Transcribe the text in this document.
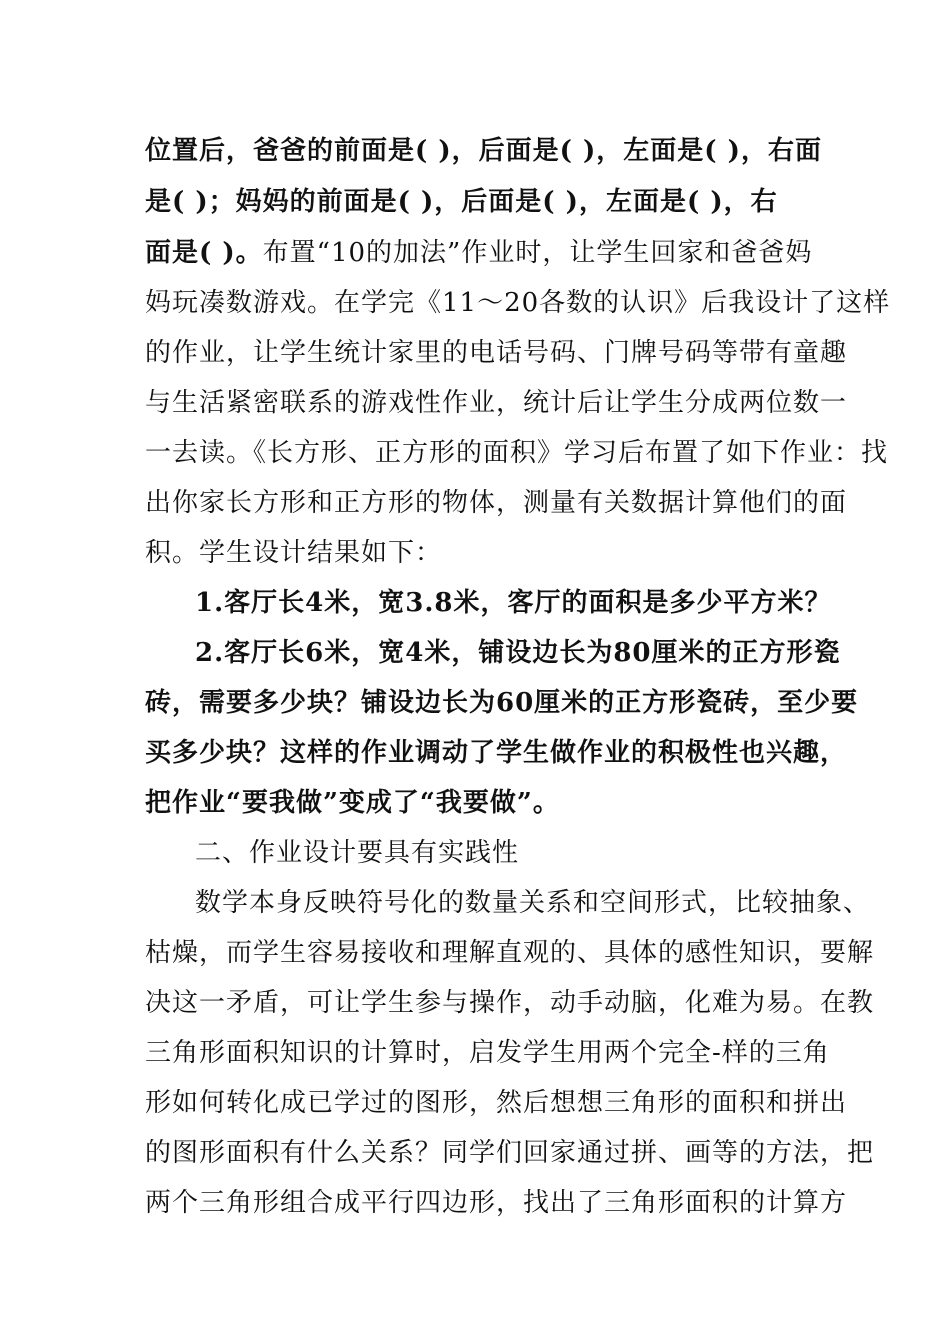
位置后，爸爸的前面是( )，后面是( )，左面是( )，右面
是( )；妈妈的前面是( )，后面是( )，左面是( )，右
面是( )。布置“10的加法”作业时，让学生回家和爸爸妈
妈玩凑数游戏。在学完《11～20各数的认识》后我设计了这样
的作业，让学生统计家里的电话号码、门牌号码等带有童趣
与生活紧密联系的游戏性作业，统计后让学生分成两位数一
一去读。《长方形、正方形的面积》学习后布置了如下作业：找
出你家长方形和正方形的物体，测量有关数据计算他们的面
积。学生设计结果如下：
1.客厅长4米，宽3.8米，客厅的面积是多少平方米？
2.客厅长6米，宽4米，铺设边长为80厘米的正方形瓷
砖，需要多少块？铺设边长为60厘米的正方形瓷砖，至少要
买多少块？这样的作业调动了学生做作业的积极性也兴趣，
把作业“要我做”变成了“我要做”。
二、作业设计要具有实践性
数学本身反映符号化的数量关系和空间形式，比较抽象、
枯燥，而学生容易接收和理解直观的、具体的感性知识，要解
决这一矛盾，可让学生参与操作，动手动脑，化难为易。在教
三角形面积知识的计算时，启发学生用两个完全-样的三角
形如何转化成已学过的图形，然后想想三角形的面积和拼出
的图形面积有什么关系？同学们回家通过拼、画等的方法，把
两个三角形组合成平行四边形，找出了三角形面积的计算方
